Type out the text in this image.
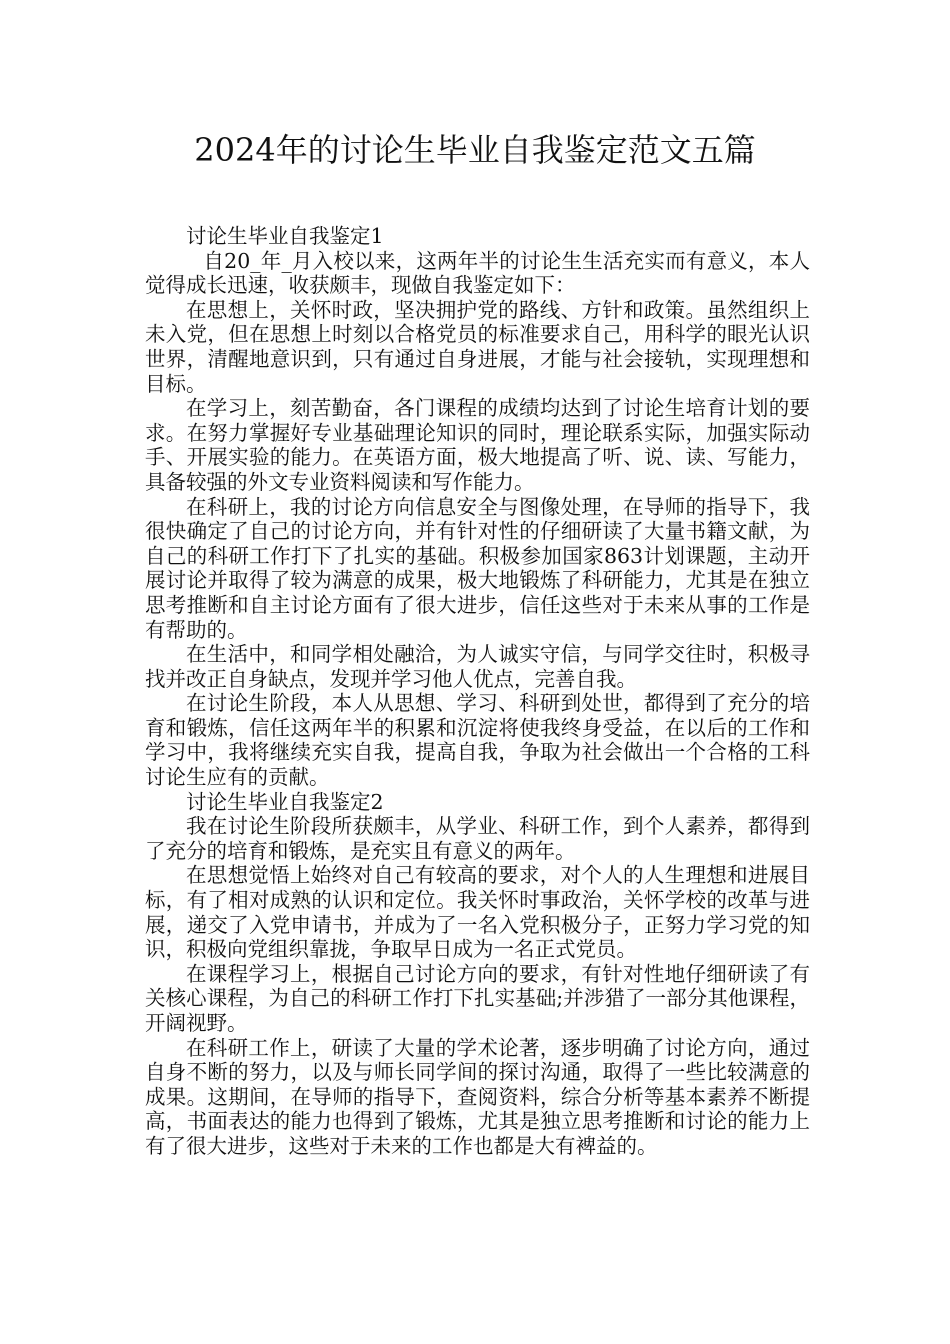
2024年的讨论生毕业自我鉴定范文五篇

讨论生毕业自我鉴定1

自20_年_月入校以来，这两年半的讨论生生活充实而有意义，本人觉得成长迅速，收获颇丰，现做自我鉴定如下：

在思想上，关怀时政，坚决拥护党的路线、方针和政策。虽然组织上未入党，但在思想上时刻以合格党员的标准要求自己，用科学的眼光认识世界，清醒地意识到，只有通过自身进展，才能与社会接轨，实现理想和目标。

在学习上，刻苦勤奋，各门课程的成绩均达到了讨论生培育计划的要求。在努力掌握好专业基础理论知识的同时，理论联系实际，加强实际动手、开展实验的能力。在英语方面，极大地提高了听、说、读、写能力，具备较强的外文专业资料阅读和写作能力。

在科研上，我的讨论方向信息安全与图像处理，在导师的指导下，我很快确定了自己的讨论方向，并有针对性的仔细研读了大量书籍文献，为自己的科研工作打下了扎实的基础。积极参加国家863计划课题，主动开展讨论并取得了较为满意的成果，极大地锻炼了科研能力，尤其是在独立思考推断和自主讨论方面有了很大进步，信任这些对于未来从事的工作是有帮助的。

在生活中，和同学相处融洽，为人诚实守信，与同学交往时，积极寻找并改正自身缺点，发现并学习他人优点，完善自我。

在讨论生阶段，本人从思想、学习、科研到处世，都得到了充分的培育和锻炼，信任这两年半的积累和沉淀将使我终身受益，在以后的工作和学习中，我将继续充实自我，提高自我，争取为社会做出一个合格的工科讨论生应有的贡献。

讨论生毕业自我鉴定2

我在讨论生阶段所获颇丰，从学业、科研工作，到个人素养，都得到了充分的培育和锻炼，是充实且有意义的两年。

在思想觉悟上始终对自己有较高的要求，对个人的人生理想和进展目标，有了相对成熟的认识和定位。我关怀时事政治，关怀学校的改革与进展，递交了入党申请书，并成为了一名入党积极分子，正努力学习党的知识，积极向党组织靠拢，争取早日成为一名正式党员。

在课程学习上，根据自己讨论方向的要求，有针对性地仔细研读了有关核心课程，为自己的科研工作打下扎实基础;并涉猎了一部分其他课程，开阔视野。

在科研工作上，研读了大量的学术论著，逐步明确了讨论方向，通过自身不断的努力，以及与师长同学间的探讨沟通，取得了一些比较满意的成果。这期间，在导师的指导下，查阅资料，综合分析等基本素养不断提高，书面表达的能力也得到了锻炼，尤其是独立思考推断和讨论的能力上有了很大进步，这些对于未来的工作也都是大有裨益的。
